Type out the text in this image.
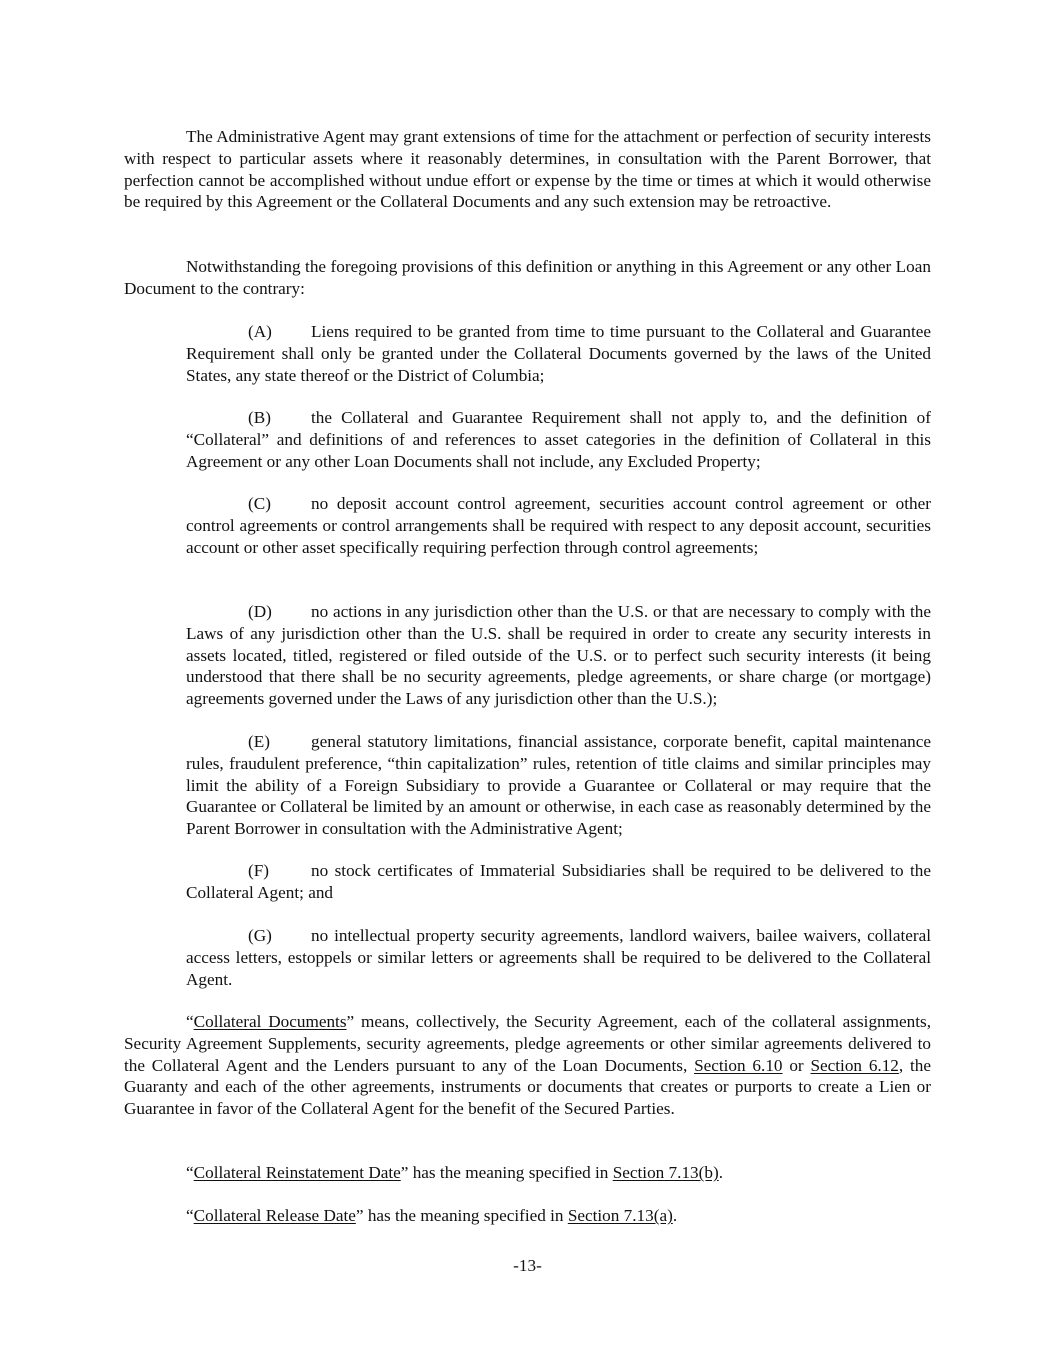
The Administrative Agent may grant extensions of time for the attachment or perfection of security interests with respect to particular assets where it reasonably determines, in consultation with the Parent Borrower, that perfection cannot be accomplished without undue effort or expense by the time or times at which it would otherwise be required by this Agreement or the Collateral Documents and any such extension may be retroactive.

Notwithstanding the foregoing provisions of this definition or anything in this Agreement or any other Loan Document to the contrary:

(A) Liens required to be granted from time to time pursuant to the Collateral and Guarantee Requirement shall only be granted under the Collateral Documents governed by the laws of the United States, any state thereof or the District of Columbia;

(B) the Collateral and Guarantee Requirement shall not apply to, and the definition of “Collateral” and definitions of and references to asset categories in the definition of Collateral in this Agreement or any other Loan Documents shall not include, any Excluded Property;

(C) no deposit account control agreement, securities account control agreement or other control agreements or control arrangements shall be required with respect to any deposit account, securities account or other asset specifically requiring perfection through control agreements;

(D) no actions in any jurisdiction other than the U.S. or that are necessary to comply with the Laws of any jurisdiction other than the U.S. shall be required in order to create any security interests in assets located, titled, registered or filed outside of the U.S. or to perfect such security interests (it being understood that there shall be no security agreements, pledge agreements, or share charge (or mortgage) agreements governed under the Laws of any jurisdiction other than the U.S.);

(E) general statutory limitations, financial assistance, corporate benefit, capital maintenance rules, fraudulent preference, “thin capitalization” rules, retention of title claims and similar principles may limit the ability of a Foreign Subsidiary to provide a Guarantee or Collateral or may require that the Guarantee or Collateral be limited by an amount or otherwise, in each case as reasonably determined by the Parent Borrower in consultation with the Administrative Agent;

(F) no stock certificates of Immaterial Subsidiaries shall be required to be delivered to the Collateral Agent; and

(G) no intellectual property security agreements, landlord waivers, bailee waivers, collateral access letters, estoppels or similar letters or agreements shall be required to be delivered to the Collateral Agent.

“Collateral Documents” means, collectively, the Security Agreement, each of the collateral assignments, Security Agreement Supplements, security agreements, pledge agreements or other similar agreements delivered to the Collateral Agent and the Lenders pursuant to any of the Loan Documents, Section 6.10 or Section 6.12, the Guaranty and each of the other agreements, instruments or documents that creates or purports to create a Lien or Guarantee in favor of the Collateral Agent for the benefit of the Secured Parties.

“Collateral Reinstatement Date” has the meaning specified in Section 7.13(b).

“Collateral Release Date” has the meaning specified in Section 7.13(a).

-13-
